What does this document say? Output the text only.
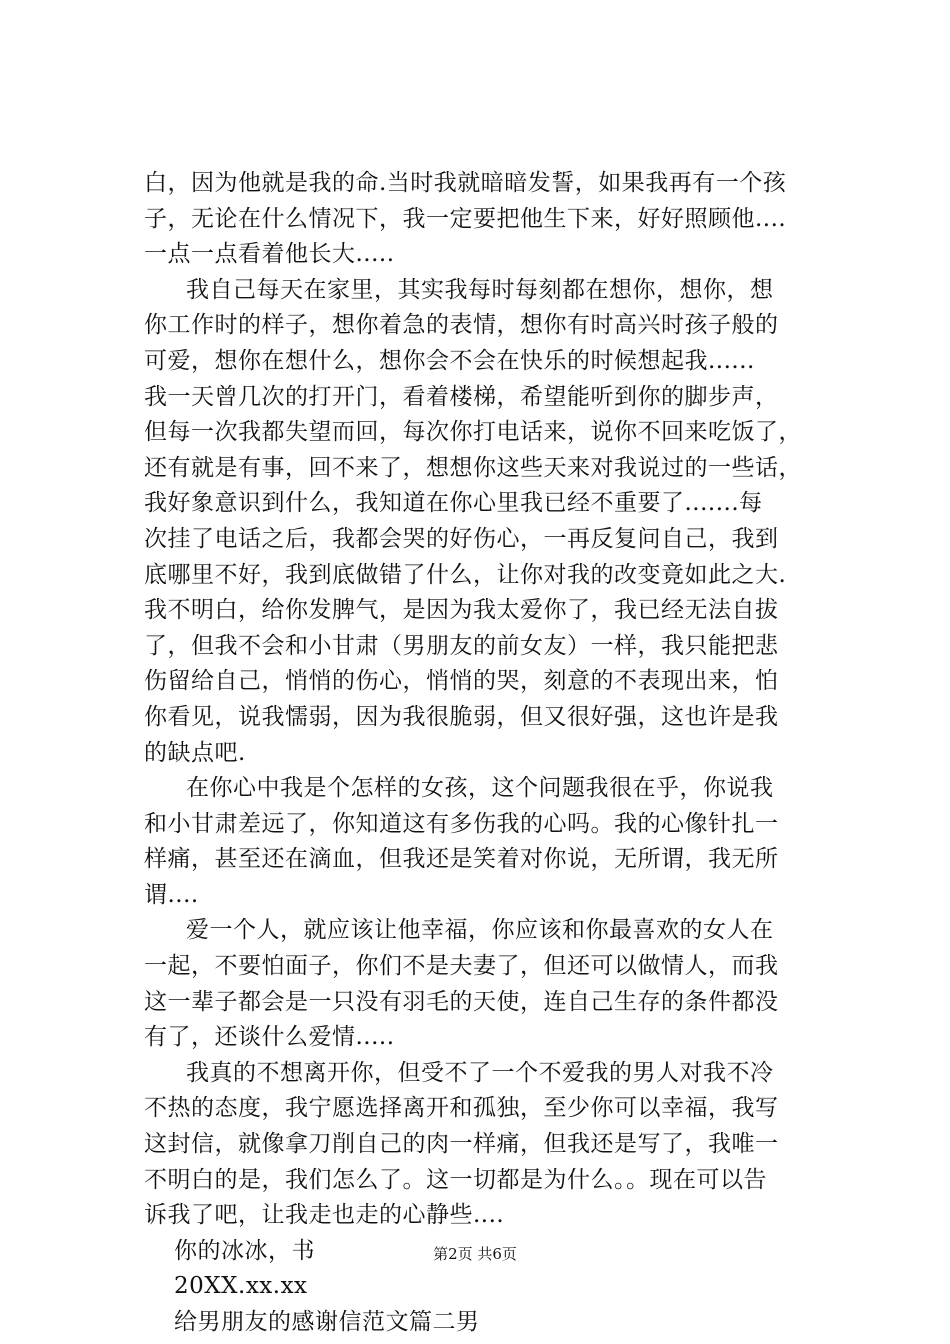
白，因为他就是我的命.当时我就暗暗发誓，如果我再有一个孩
子，无论在什么情况下，我一定要把他生下来，好好照顾他....
一点一点看着他长大.....
我自己每天在家里，其实我每时每刻都在想你，想你，想
你工作时的样子，想你着急的表情，想你有时高兴时孩子般的
可爱，想你在想什么，想你会不会在快乐的时候想起我......
我一天曾几次的打开门，看着楼梯，希望能听到你的脚步声，
但每一次我都失望而回，每次你打电话来，说你不回来吃饭了，
还有就是有事，回不来了，想想你这些天来对我说过的一些话，
我好象意识到什么，我知道在你心里我已经不重要了.......每
次挂了电话之后，我都会哭的好伤心，一再反复问自己，我到
底哪里不好，我到底做错了什么，让你对我的改变竟如此之大.
我不明白，给你发脾气，是因为我太爱你了，我已经无法自拔
了，但我不会和小甘肃（男朋友的前女友）一样，我只能把悲
伤留给自己，悄悄的伤心，悄悄的哭，刻意的不表现出来，怕
你看见，说我懦弱，因为我很脆弱，但又很好强，这也许是我
的缺点吧.
在你心中我是个怎样的女孩，这个问题我很在乎，你说我
和小甘肃差远了，你知道这有多伤我的心吗。我的心像针扎一
样痛，甚至还在滴血，但我还是笑着对你说，无所谓，我无所
谓....
爱一个人，就应该让他幸福，你应该和你最喜欢的女人在
一起，不要怕面子，你们不是夫妻了，但还可以做情人，而我
这一辈子都会是一只没有羽毛的天使，连自己生存的条件都没
有了，还谈什么爱情.....
我真的不想离开你，但受不了一个不爱我的男人对我不冷
不热的态度，我宁愿选择离开和孤独，至少你可以幸福，我写
这封信，就像拿刀削自己的肉一样痛，但我还是写了，我唯一
不明白的是，我们怎么了。这一切都是为什么。。现在可以告
诉我了吧，让我走也走的心静些....
你的冰冰，书
20XX.xx.xx
给男朋友的感谢信范文篇二男
第2页 共6页
